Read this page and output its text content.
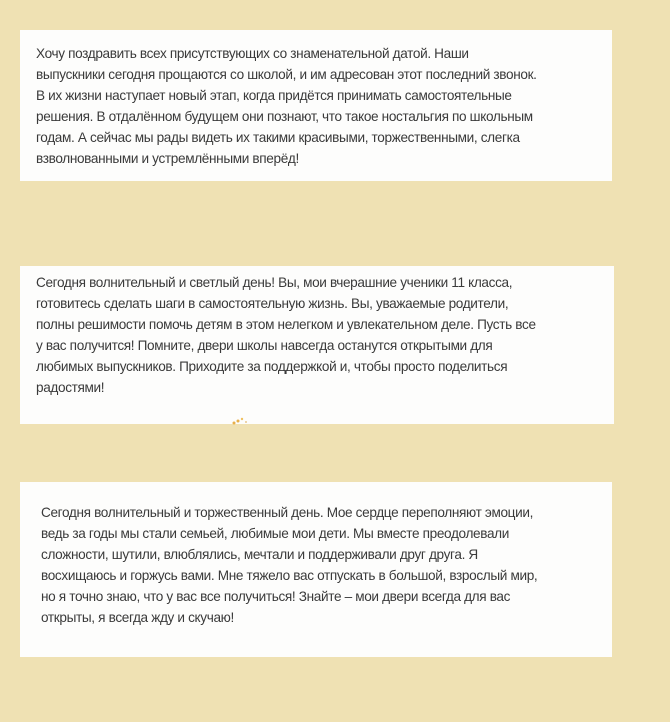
Хочу поздравить всех присутствующих со знаменательной датой. Наши
выпускники сегодня прощаются со школой, и им адресован этот последний звонок.
В их жизни наступает новый этап, когда придётся принимать самостоятельные
решения. В отдалённом будущем они познают, что такое ностальгия по школьным
годам. А сейчас мы рады видеть их такими красивыми, торжественными, слегка
взволнованными и устремлёнными вперёд!
Сегодня волнительный и светлый день! Вы, мои вчерашние ученики 11 класса,
готовитесь сделать шаги в самостоятельную жизнь. Вы, уважаемые родители,
полны решимости помочь детям в этом нелегком и увлекательном деле. Пусть все
у вас получится! Помните, двери школы навсегда останутся открытыми для
любимых выпускников. Приходите за поддержкой и, чтобы просто поделиться
радостями!
Сегодня волнительный и торжественный день. Мое сердце переполняют эмоции,
ведь за годы мы стали семьей, любимые мои дети. Мы вместе преодолевали
сложности, шутили, влюблялись, мечтали и поддерживали друг друга. Я
восхищаюсь и горжусь вами. Мне тяжело вас отпускать в большой, взрослый мир,
но я точно знаю, что у вас все получиться! Знайте – мои двери всегда для вас
открыты, я всегда жду и скучаю!
